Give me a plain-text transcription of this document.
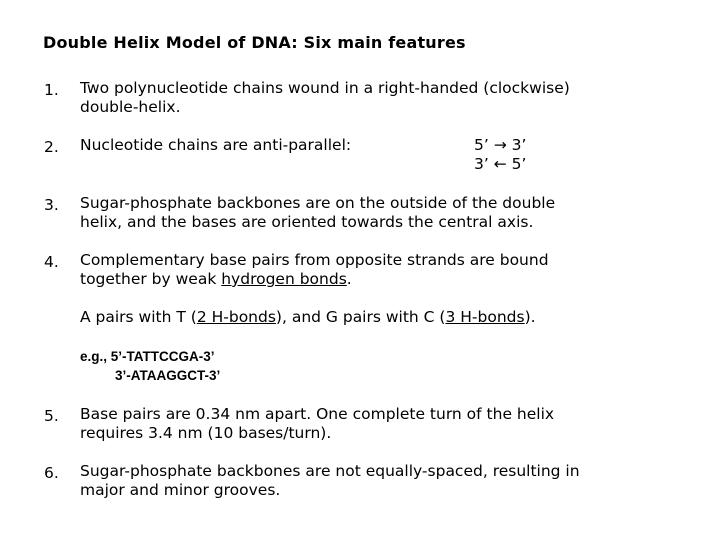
Double Helix Model of DNA: Six main features
1. Two polynucleotide chains wound in a right-handed (clockwise)
double-helix.
2. Nucleotide chains are anti-parallel:	5’ → 3’
3’ ← 5’
3. Sugar-phosphate backbones are on the outside of the double
helix, and the bases are oriented towards the central axis.
4. Complementary base pairs from opposite strands are bound
together by weak hydrogen bonds.
A pairs with T (2 H-bonds), and G pairs with C (3 H-bonds).
e.g., 5’-TATTCCGA-3’
3’-ATAAGGCT-3’
5. Base pairs are 0.34 nm apart. One complete turn of the helix
requires 3.4 nm (10 bases/turn).
6. Sugar-phosphate backbones are not equally-spaced, resulting in
major and minor grooves.
